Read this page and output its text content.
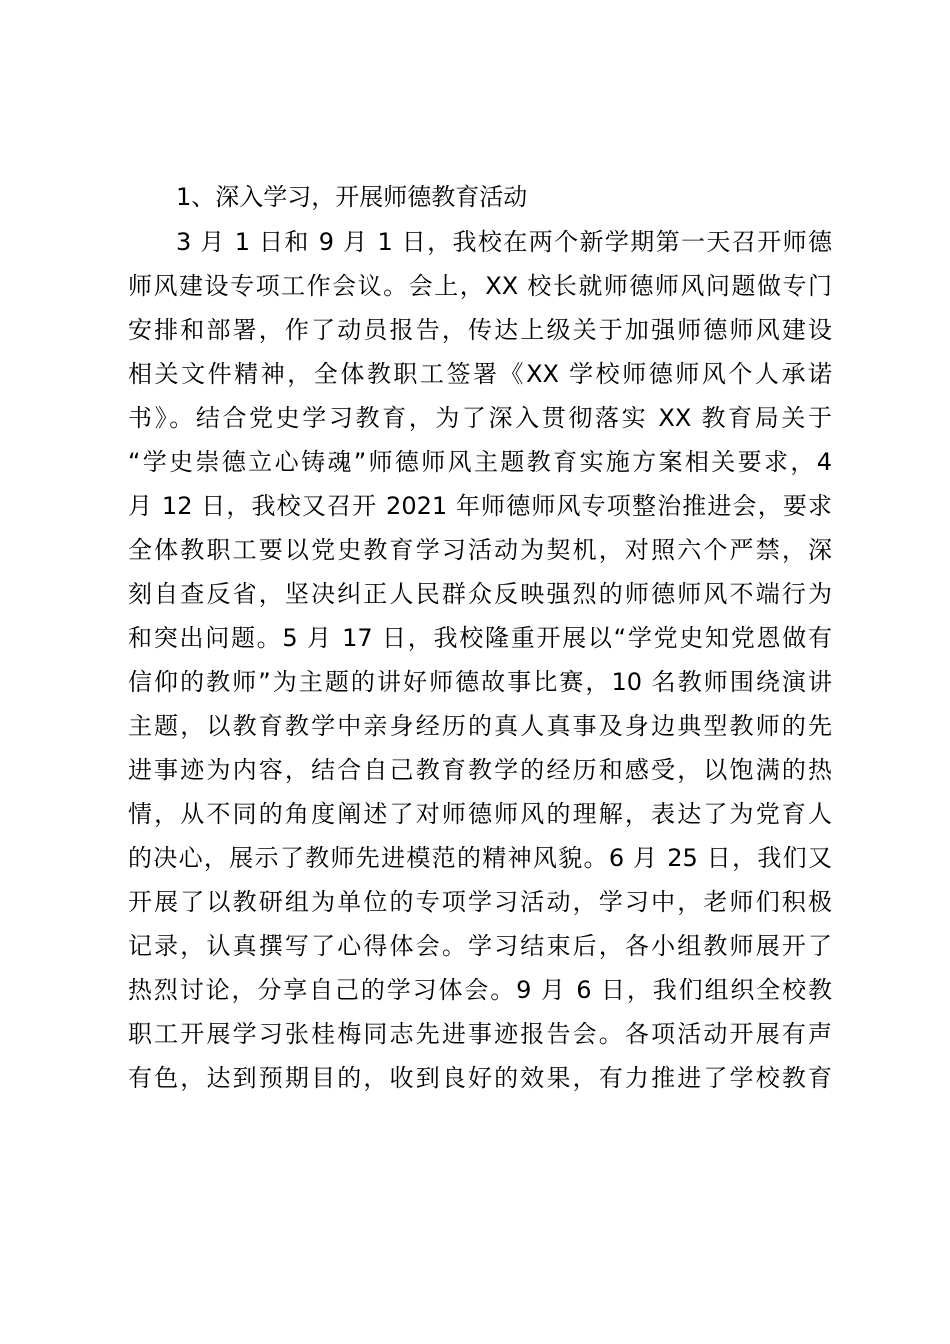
1、深入学习，开展师德教育活动
3 月 1 日和 9 月 1 日，我校在两个新学期第一天召开师德
师风建设专项工作会议。会上，XX 校长就师德师风问题做专门
安排和部署，作了动员报告，传达上级关于加强师德师风建设
相关文件精神，全体教职工签署《XX 学校师德师风个人承诺
书》。结合党史学习教育，为了深入贯彻落实 XX 教育局关于
“学史崇德立心铸魂”师德师风主题教育实施方案相关要求，4
月 12 日，我校又召开 2021 年师德师风专项整治推进会，要求
全体教职工要以党史教育学习活动为契机，对照六个严禁，深
刻自查反省，坚决纠正人民群众反映强烈的师德师风不端行为
和突出问题。5 月 17 日，我校隆重开展以“学党史知党恩做有
信仰的教师”为主题的讲好师德故事比赛，10 名教师围绕演讲
主题，以教育教学中亲身经历的真人真事及身边典型教师的先
进事迹为内容，结合自己教育教学的经历和感受，以饱满的热
情，从不同的角度阐述了对师德师风的理解，表达了为党育人
的决心，展示了教师先进模范的精神风貌。6 月 25 日，我们又
开展了以教研组为单位的专项学习活动，学习中，老师们积极
记录，认真撰写了心得体会。学习结束后，各小组教师展开了
热烈讨论，分享自己的学习体会。9 月 6 日，我们组织全校教
职工开展学习张桂梅同志先进事迹报告会。各项活动开展有声
有色，达到预期目的，收到良好的效果，有力推进了学校教育
